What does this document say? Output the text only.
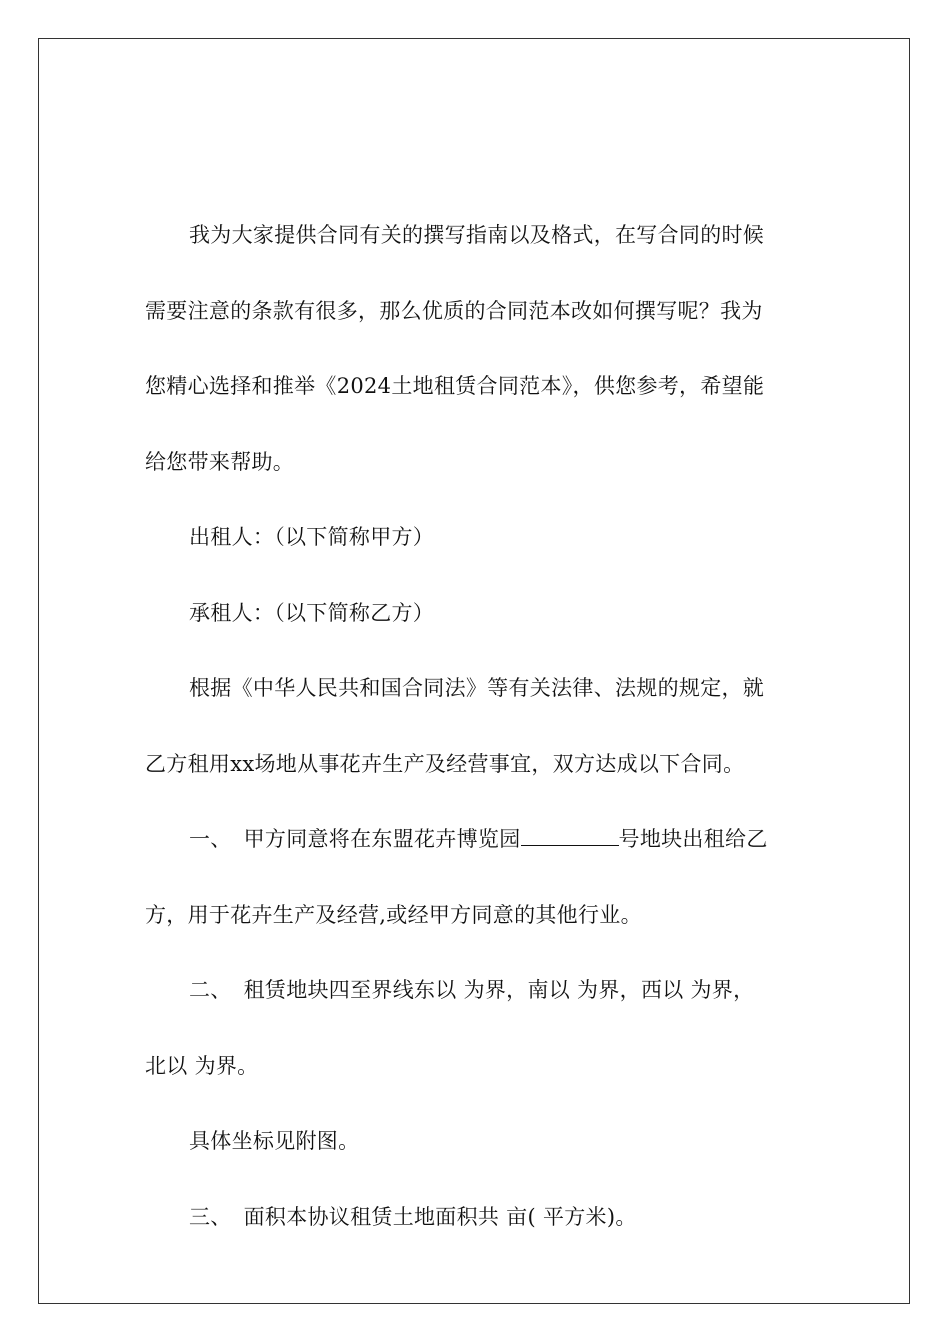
我为大家提供合同有关的撰写指南以及格式，在写合同的时候
需要注意的条款有很多，那么优质的合同范本改如何撰写呢？我为
您精心选择和推举《2024土地租赁合同范本》，供您参考，希望能
给您带来帮助。
出租人：（以下简称甲方）
承租人：（以下简称乙方）
根据《中华人民共和国合同法》等有关法律、法规的规定，就
乙方租用xx场地从事花卉生产及经营事宜，双方达成以下合同。
一、 甲方同意将在东盟花卉博览园	号地块出租给乙
方，用于花卉生产及经营,或经甲方同意的其他行业。
二、 租赁地块四至界线东以 为界，南以 为界，西以 为界，
北以 为界。
具体坐标见附图。
三、 面积本协议租赁土地面积共 亩( 平方米)。
